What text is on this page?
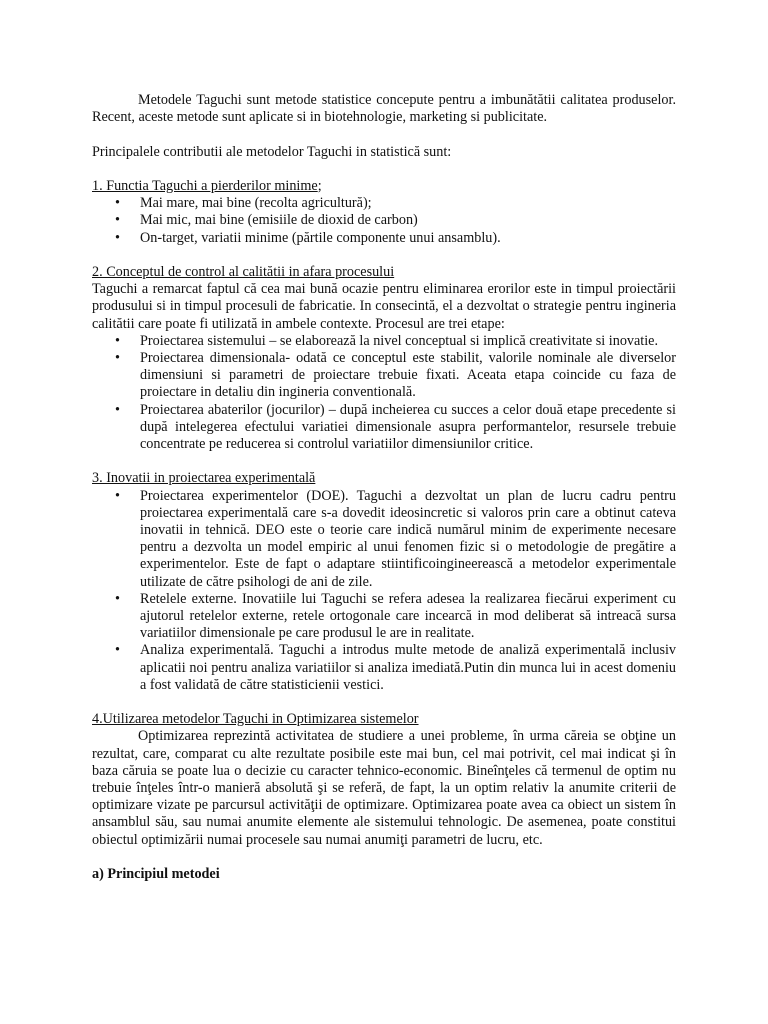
Metodele Taguchi sunt metode statistice concepute pentru a imbunătătii calitatea produselor. Recent, aceste metode sunt aplicate si in biotehnologie, marketing si publicitate.

Principalele contributii ale metodelor Taguchi in statistică sunt:

1. Functia Taguchi a pierderilor minime;

• Mai mare, mai bine (recolta agricultură);
• Mai mic, mai bine (emisiile de dioxid de carbon)
• On-target, variatii minime (părtile componente unui ansamblu).

2. Conceptul de control al calitătii in afara procesului

Taguchi a remarcat faptul că cea mai bună ocazie pentru eliminarea erorilor este in timpul proiectării produsului si in timpul procesuli de fabricatie. In consecintă, el a dezvoltat o strategie pentru ingineria calitătii care poate fi utilizată in ambele contexte. Procesul are trei etape:

• Proiectarea sistemului – se elaborează la nivel conceptual si implică creativitate si inovatie.
• Proiectarea dimensionala- odată ce conceptul este stabilit, valorile nominale ale diverselor dimensiuni si parametri de proiectare trebuie fixati. Aceata etapa coincide cu faza de proiectare in detaliu din ingineria conventională.
• Proiectarea abaterilor (jocurilor) – după incheierea cu succes a celor două etape precedente si după intelegerea efectului variatiei dimensionale asupra performantelor, resursele trebuie concentrate pe reducerea si controlul variatiilor dimensiunilor critice.

3. Inovatii in proiectarea experimentală

• Proiectarea experimentelor (DOE). Taguchi a dezvoltat un plan de lucru cadru pentru proiectarea experimentală care s-a dovedit ideosincretic si valoros prin care a obtinut cateva inovatii in tehnică. DEO este o teorie care indică numărul minim de experimente necesare pentru a dezvolta un model empiric al unui fenomen fizic si o metodologie de pregătire a experimentelor. Este de fapt o adaptare stiintificoingineerească a metodelor experimentale utilizate de către psihologi de ani de zile.
• Retelele externe. Inovatiile lui Taguchi se refera adesea la realizarea fiecărui experiment cu ajutorul retelelor externe, retele ortogonale care incearcă in mod deliberat să intreacă sursa variatiilor dimensionale pe care produsul le are in realitate.
• Analiza experimentală. Taguchi a introdus multe metode de analiză experimentală inclusiv aplicatii noi pentru analiza variatiilor si analiza imediată.Putin din munca lui in acest domeniu a fost validată de către statisticienii vestici.

4.Utilizarea metodelor Taguchi in Optimizarea sistemelor

Optimizarea reprezintă activitatea de studiere a unei probleme, în urma căreia se obţine un rezultat, care, comparat cu alte rezultate posibile este mai bun, cel mai potrivit, cel mai indicat şi în baza căruia se poate lua o decizie cu caracter tehnico-economic. Bineînţeles că termenul de optim nu trebuie înţeles într-o manieră absolută şi se referă, de fapt, la un optim relativ la anumite criterii de optimizare vizate pe parcursul activităţii de optimizare. Optimizarea poate avea ca obiect un sistem în ansamblul său, sau numai anumite elemente ale sistemului tehnologic. De asemenea, poate constitui obiectul optimizării numai procesele sau numai anumiţi parametri de lucru, etc.

a) Principiul metodei
